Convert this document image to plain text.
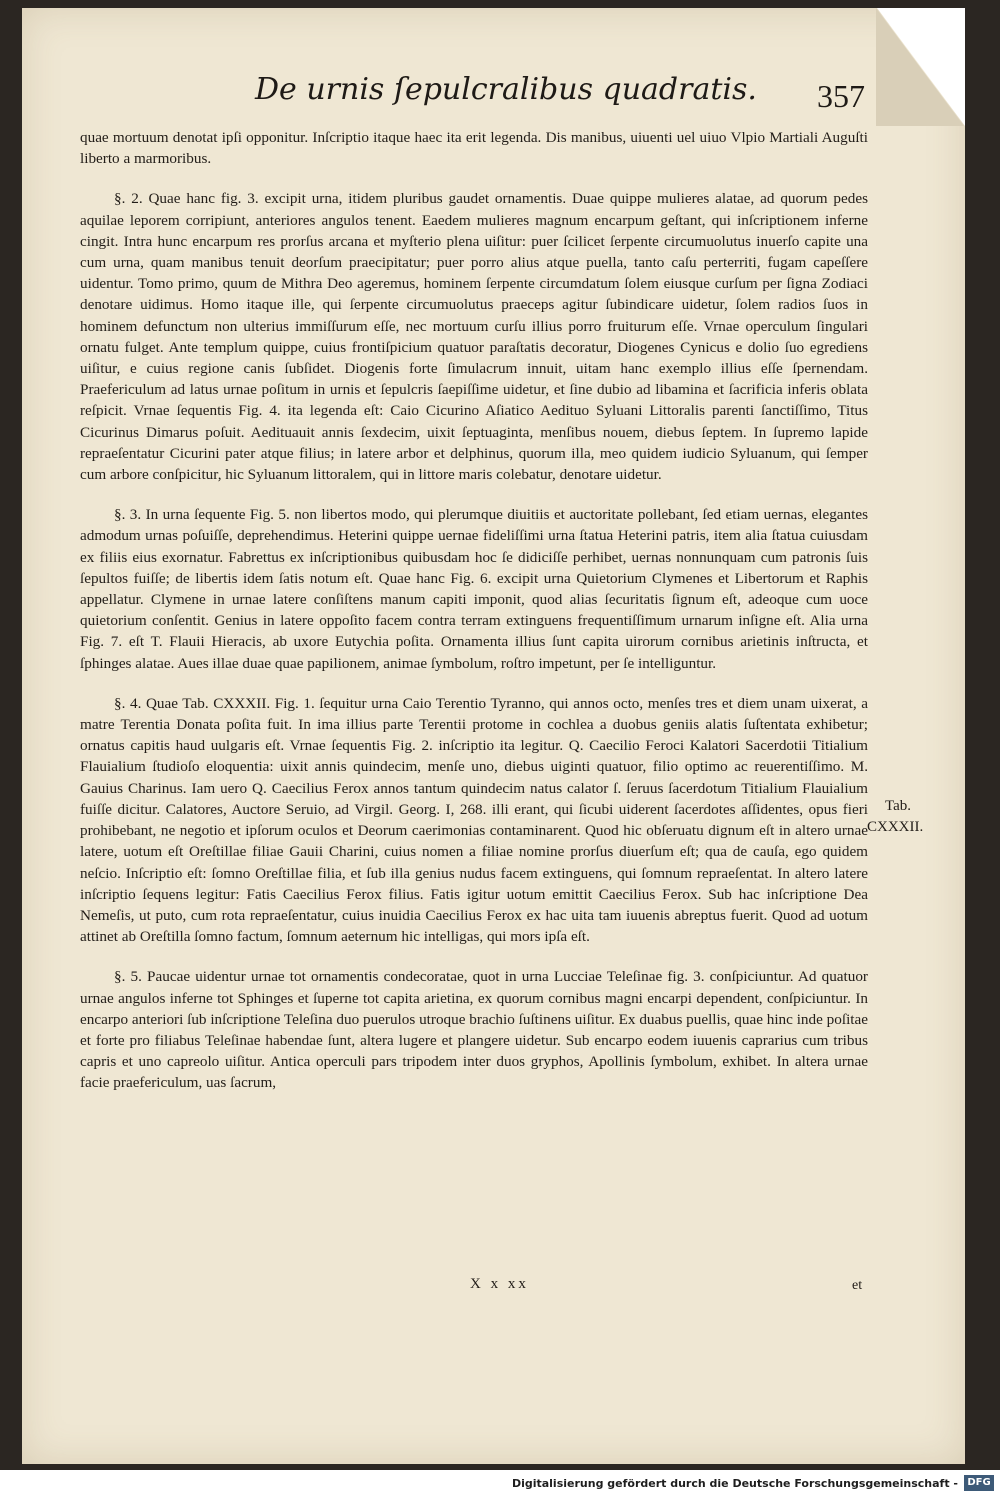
De urnis ſepulcralibus quadratis. 357

quae mortuum denotat ipſi opponitur. Inſcriptio itaque haec ita erit legenda. Dis manibus, uiuenti uel uiuo Vlpio Martiali Auguſti liberto a marmoribus.

§. 2. Quae hanc fig. 3. excipit urna, itidem pluribus gaudet ornamentis. Duae quippe mulieres alatae, ad quorum pedes aquilae leporem corripiunt, anteriores angulos tenent. Eaedem mulieres magnum encarpum geſtant, qui inſcriptionem inferne cingit. Intra hunc encarpum res prorſus arcana et myſterio plena uiſitur: puer ſcilicet ſerpente circumuolutus inuerſo capite una cum urna, quam manibus tenuit deorſum praecipitatur; puer porro alius atque puella, tanto caſu perterriti, fugam capeſſere uidentur. Tomo primo, quum de Mithra Deo ageremus, hominem ſerpente circumdatum ſolem eiusque curſum per ſigna Zodiaci denotare uidimus. Homo itaque ille, qui ſerpente circumuolutus praeceps agitur ſubindicare uidetur, ſolem radios ſuos in hominem defunctum non ulterius immiſſurum eſſe, nec mortuum curſu illius porro fruiturum eſſe. Vrnae operculum ſingulari ornatu fulget. Ante templum quippe, cuius frontiſpicium quatuor paraſtatis decoratur, Diogenes Cynicus e dolio ſuo egrediens uiſitur, e cuius regione canis ſubſidet. Diogenis forte ſimulacrum innuit, uitam hanc exemplo illius eſſe ſpernendam. Praefericulum ad latus urnae poſitum in urnis et ſepulcris ſaepiſſime uidetur, et ſine dubio ad libamina et ſacrificia inferis oblata reſpicit. Vrnae ſequentis Fig. 4. ita legenda eſt: Caio Cicurino Aſiatico Aedituo Syluani Littoralis parenti ſanctiſſimo, Titus Cicurinus Dimarus poſuit. Aedituauit annis ſexdecim, uixit ſeptuaginta, menſibus nouem, diebus ſeptem. In ſupremo lapide repraeſentatur Cicurini pater atque filius; in latere arbor et delphinus, quorum illa, meo quidem iudicio Syluanum, qui ſemper cum arbore conſpicitur, hic Syluanum littoralem, qui in littore maris colebatur, denotare uidetur.

§. 3. In urna ſequente Fig. 5. non libertos modo, qui plerumque diuitiis et auctoritate pollebant, ſed etiam uernas, elegantes admodum urnas poſuiſſe, deprehendimus. Heterini quippe uernae fideliſſimi urna ſtatua Heterini patris, item alia ſtatua cuiusdam ex filiis eius exornatur. Fabrettus ex inſcriptionibus quibusdam hoc ſe didiciſſe perhibet, uernas nonnunquam cum patronis ſuis ſepultos fuiſſe; de libertis idem ſatis notum eſt. Quae hanc Fig. 6. excipit urna Quietorium Clymenes et Libertorum et Raphis appellatur. Clymene in urnae latere conſiſtens manum capiti imponit, quod alias ſecuritatis ſignum eſt, adeoque cum uoce quietorium conſentit. Genius in latere oppoſito facem contra terram extinguens frequentiſſimum urnarum inſigne eſt. Alia urna Fig. 7. eſt T. Flauii Hieracis, ab uxore Eutychia poſita. Ornamenta illius ſunt capita uirorum cornibus arietinis inſtructa, et ſphinges alatae. Aues illae duae quae papilionem, animae ſymbolum, roſtro impetunt, per ſe intelliguntur.

§. 4. Quae Tab. CXXXII. Fig. 1. ſequitur urna Caio Terentio Tyranno, qui annos octo, menſes tres et diem unam uixerat, a matre Terentia Donata poſita fuit. In ima illius parte Terentii protome in cochlea a duobus geniis alatis ſuſtentata exhibetur; ornatus capitis haud uulgaris eſt. Vrnae ſequentis Fig. 2. inſcriptio ita legitur. Q. Caecilio Feroci Kalatori Sacerdotii Titialium Flauialium ſtudioſo eloquentia: uixit annis quindecim, menſe uno, diebus uiginti quatuor, filio optimo ac reuerentiſſimo. M. Gauius Charinus. Iam uero Q. Caecilius Ferox annos tantum quindecim natus calator ſ. ſeruus ſacerdotum Titialium Flauialium fuiſſe dicitur. Calatores, Auctore Seruio, ad Virgil. Georg. I, 268. illi erant, qui ſicubi uiderent ſacerdotes aſſidentes, opus fieri prohibebant, ne negotio et ipſorum oculos et Deorum caerimonias contaminarent. Quod hic obſeruatu dignum eſt in altero urnae latere, uotum eſt Oreſtillae filiae Gauii Charini, cuius nomen a filiae nomine prorſus diuerſum eſt; qua de cauſa, ego quidem neſcio. Inſcriptio eſt: ſomno Oreſtillae filia, et ſub illa genius nudus facem extinguens, qui ſomnum repraeſentat. In altero latere inſcriptio ſequens legitur: Fatis Caecilius Ferox filius. Fatis igitur uotum emittit Caecilius Ferox. Sub hac inſcriptione Dea Nemeſis, ut puto, cum rota repraeſentatur, cuius inuidia Caecilius Ferox ex hac uita tam iuuenis abreptus fuerit. Quod ad uotum attinet ab Oreſtilla ſomno factum, ſomnum aeternum hic intelligas, qui mors ipſa eſt.

§. 5. Paucae uidentur urnae tot ornamentis condecoratae, quot in urna Lucciae Teleſinae fig. 3. conſpiciuntur. Ad quatuor urnae angulos inferne tot Sphinges et ſuperne tot capita arietina, ex quorum cornibus magni encarpi dependent, conſpiciuntur. In encarpo anteriori ſub inſcriptione Teleſina duo puerulos utroque brachio ſuſtinens uiſitur. Ex duabus puellis, quae hinc inde poſitae et forte pro filiabus Teleſinae habendae ſunt, altera lugere et plangere uidetur. Sub encarpo eodem iuuenis caprarius cum tribus capris et uno capreolo uiſitur. Antica operculi pars tripodem inter duos gryphos, Apollinis ſymbolum, exhibet. In altera urnae facie praefericulum, uas ſacrum,

Tab.
CXXXII.
X x xx	et
Digitalisierung gefördert durch die Deutsche Forschungsgemeinschaft - DFG
